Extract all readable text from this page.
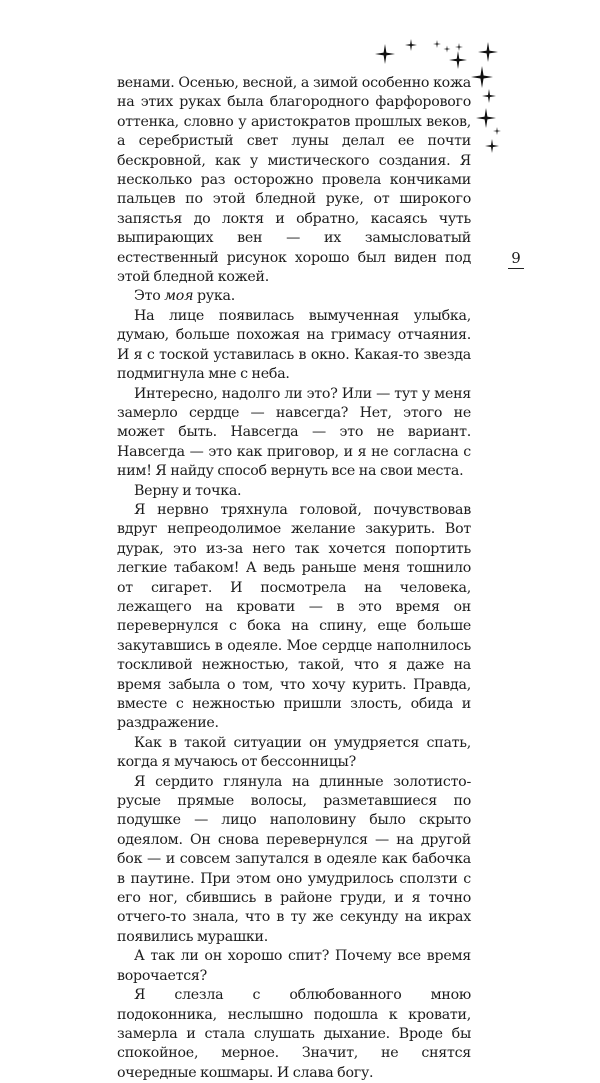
9

венами. Осенью, весной, а зимой особенно кожа на этих руках была благородного фарфорового оттенка, словно у аристократов прошлых веков, а серебристый свет луны делал ее почти бескровной, как у мистического создания. Я несколько раз осторожно провела кончиками пальцев по этой бледной руке, от широкого запястья до локтя и обратно, касаясь чуть выпирающих вен — их замысловатый естественный рисунок хорошо был виден под этой бледной кожей.

Это моя рука.

На лице появилась вымученная улыбка, думаю, больше похожая на гримасу отчаяния. И я с тоской уставилась в окно. Какая-то звезда подмигнула мне с неба.

Интересно, надолго ли это? Или — тут у меня замерло сердце — навсегда? Нет, этого не может быть. Навсегда — это не вариант. Навсегда — это как приговор, и я не согласна с ним! Я найду способ вернуть все на свои места.

Верну и точка.

Я нервно тряхнула головой, почувствовав вдруг непреодолимое желание закурить. Вот дурак, это из-за него так хочется попортить легкие табаком! А ведь раньше меня тошнило от сигарет. И посмотрела на человека, лежащего на кровати — в это время он перевернулся с бока на спину, еще больше закутавшись в одеяле. Мое сердце наполнилось тоскливой нежностью, такой, что я даже на время забыла о том, что хочу курить. Правда, вместе с нежностью пришли злость, обида и раздражение.

Как в такой ситуации он умудряется спать, когда я мучаюсь от бессонницы?

Я сердито глянула на длинные золотисто-русые прямые волосы, разметавшиеся по подушке — лицо наполовину было скрыто одеялом. Он снова перевернулся — на другой бок — и совсем запутался в одеяле как бабочка в паутине. При этом оно умудрилось сползти с его ног, сбившись в районе груди, и я точно отчего-то знала, что в ту же секунду на икрах появились мурашки.

А так ли он хорошо спит? Почему все время ворочается?

Я слезла с облюбованного мною подоконника, неслышно подошла к кровати, замерла и стала слушать дыхание. Вроде бы спокойное, мерное. Значит, не снятся очередные кошмары. И слава богу.
